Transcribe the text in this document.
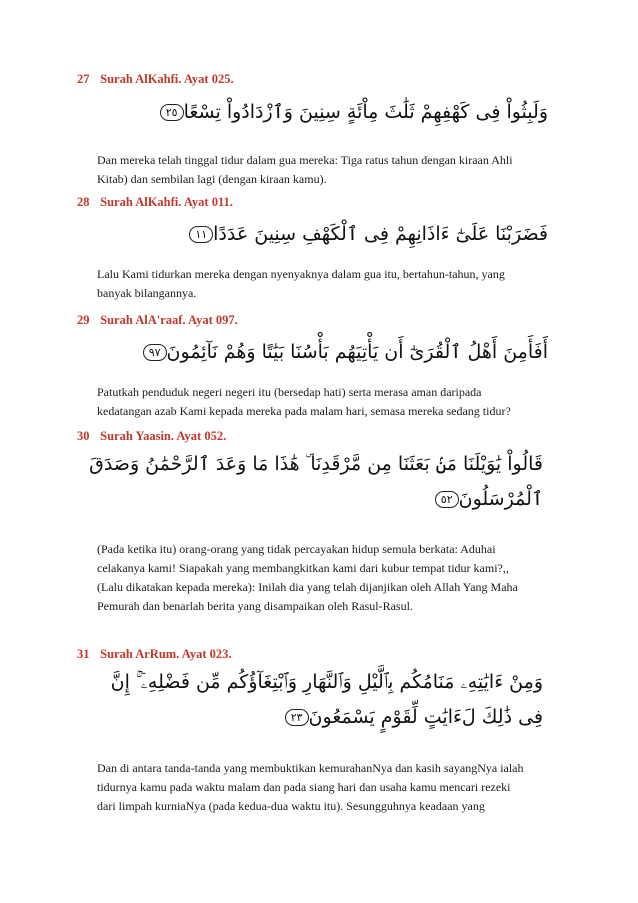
27 Surah AlKahfi. Ayat 025.
وَلَبِثُواْ فِى كَهْفِهِمْ ثَلَٰثَ مِاْئَةٍ سِنِينَ وَٱزْدَادُواْ تِسْعًا٢٥

Dan mereka telah tinggal tidur dalam gua mereka: Tiga ratus tahun dengan kiraan Ahli

Kitab) dan sembilan lagi (dengan kiraan kamu).

28 Surah AlKahfi. Ayat 011.
فَضَرَبْنَا عَلَىٰٓ ءَاذَانِهِمْ فِى ٱلْكَهْفِ سِنِينَ عَدَدًا١١

Lalu Kami tidurkan mereka dengan nyenyaknya dalam gua itu, bertahun-tahun, yang

banyak bilangannya.

29 Surah AlA'raaf. Ayat 097.
أَفَأَمِنَ أَهْلُ ٱلْقُرَىٰٓ أَن يَأْتِيَهُم بَأْسُنَا بَيَٰتًا وَهُمْ نَآئِمُونَ٩٧

Patutkah penduduk negeri negeri itu (bersedap hati) serta merasa aman daripada

kedatangan azab Kami kepada mereka pada malam hari, semasa mereka sedang tidur?

30 Surah Yaasin. Ayat 052.
قَالُواْ يَٰوَيْلَنَا مَنۢ بَعَثَنَا مِن مَّرْقَدِنَا ۜ هَٰذَا مَا وَعَدَ ٱلرَّحْمَٰنُ وَصَدَقَ
ٱلْمُرْسَلُونَ٥٢

(Pada ketika itu) orang-orang yang tidak percayakan hidup semula berkata: Aduhai

celakanya kami! Siapakah yang membangkitkan kami dari kubur tempat tidur kami?,,

(Lalu dikatakan kepada mereka): Inilah dia yang telah dijanjikan oleh Allah Yang Maha

Pemurah dan benarlah berita yang disampaikan oleh Rasul-Rasul.

31 Surah ArRum. Ayat 023.
وَمِنْ ءَايَٰتِهِۦ مَنَامُكُم بِٱلَّيْلِ وَٱلنَّهَارِ وَٱبْتِغَآؤُكُم مِّن فَضْلِهِۦٓ ۚ إِنَّ
فِى ذَٰلِكَ لَءَايَٰتٍ لِّقَوْمٍ يَسْمَعُونَ٢٣

Dan di antara tanda-tanda yang membuktikan kemurahanNya dan kasih sayangNya ialah

tidurnya kamu pada waktu malam dan pada siang hari dan usaha kamu mencari rezeki

dari limpah kurniaNya (pada kedua-dua waktu itu). Sesungguhnya keadaan yang
